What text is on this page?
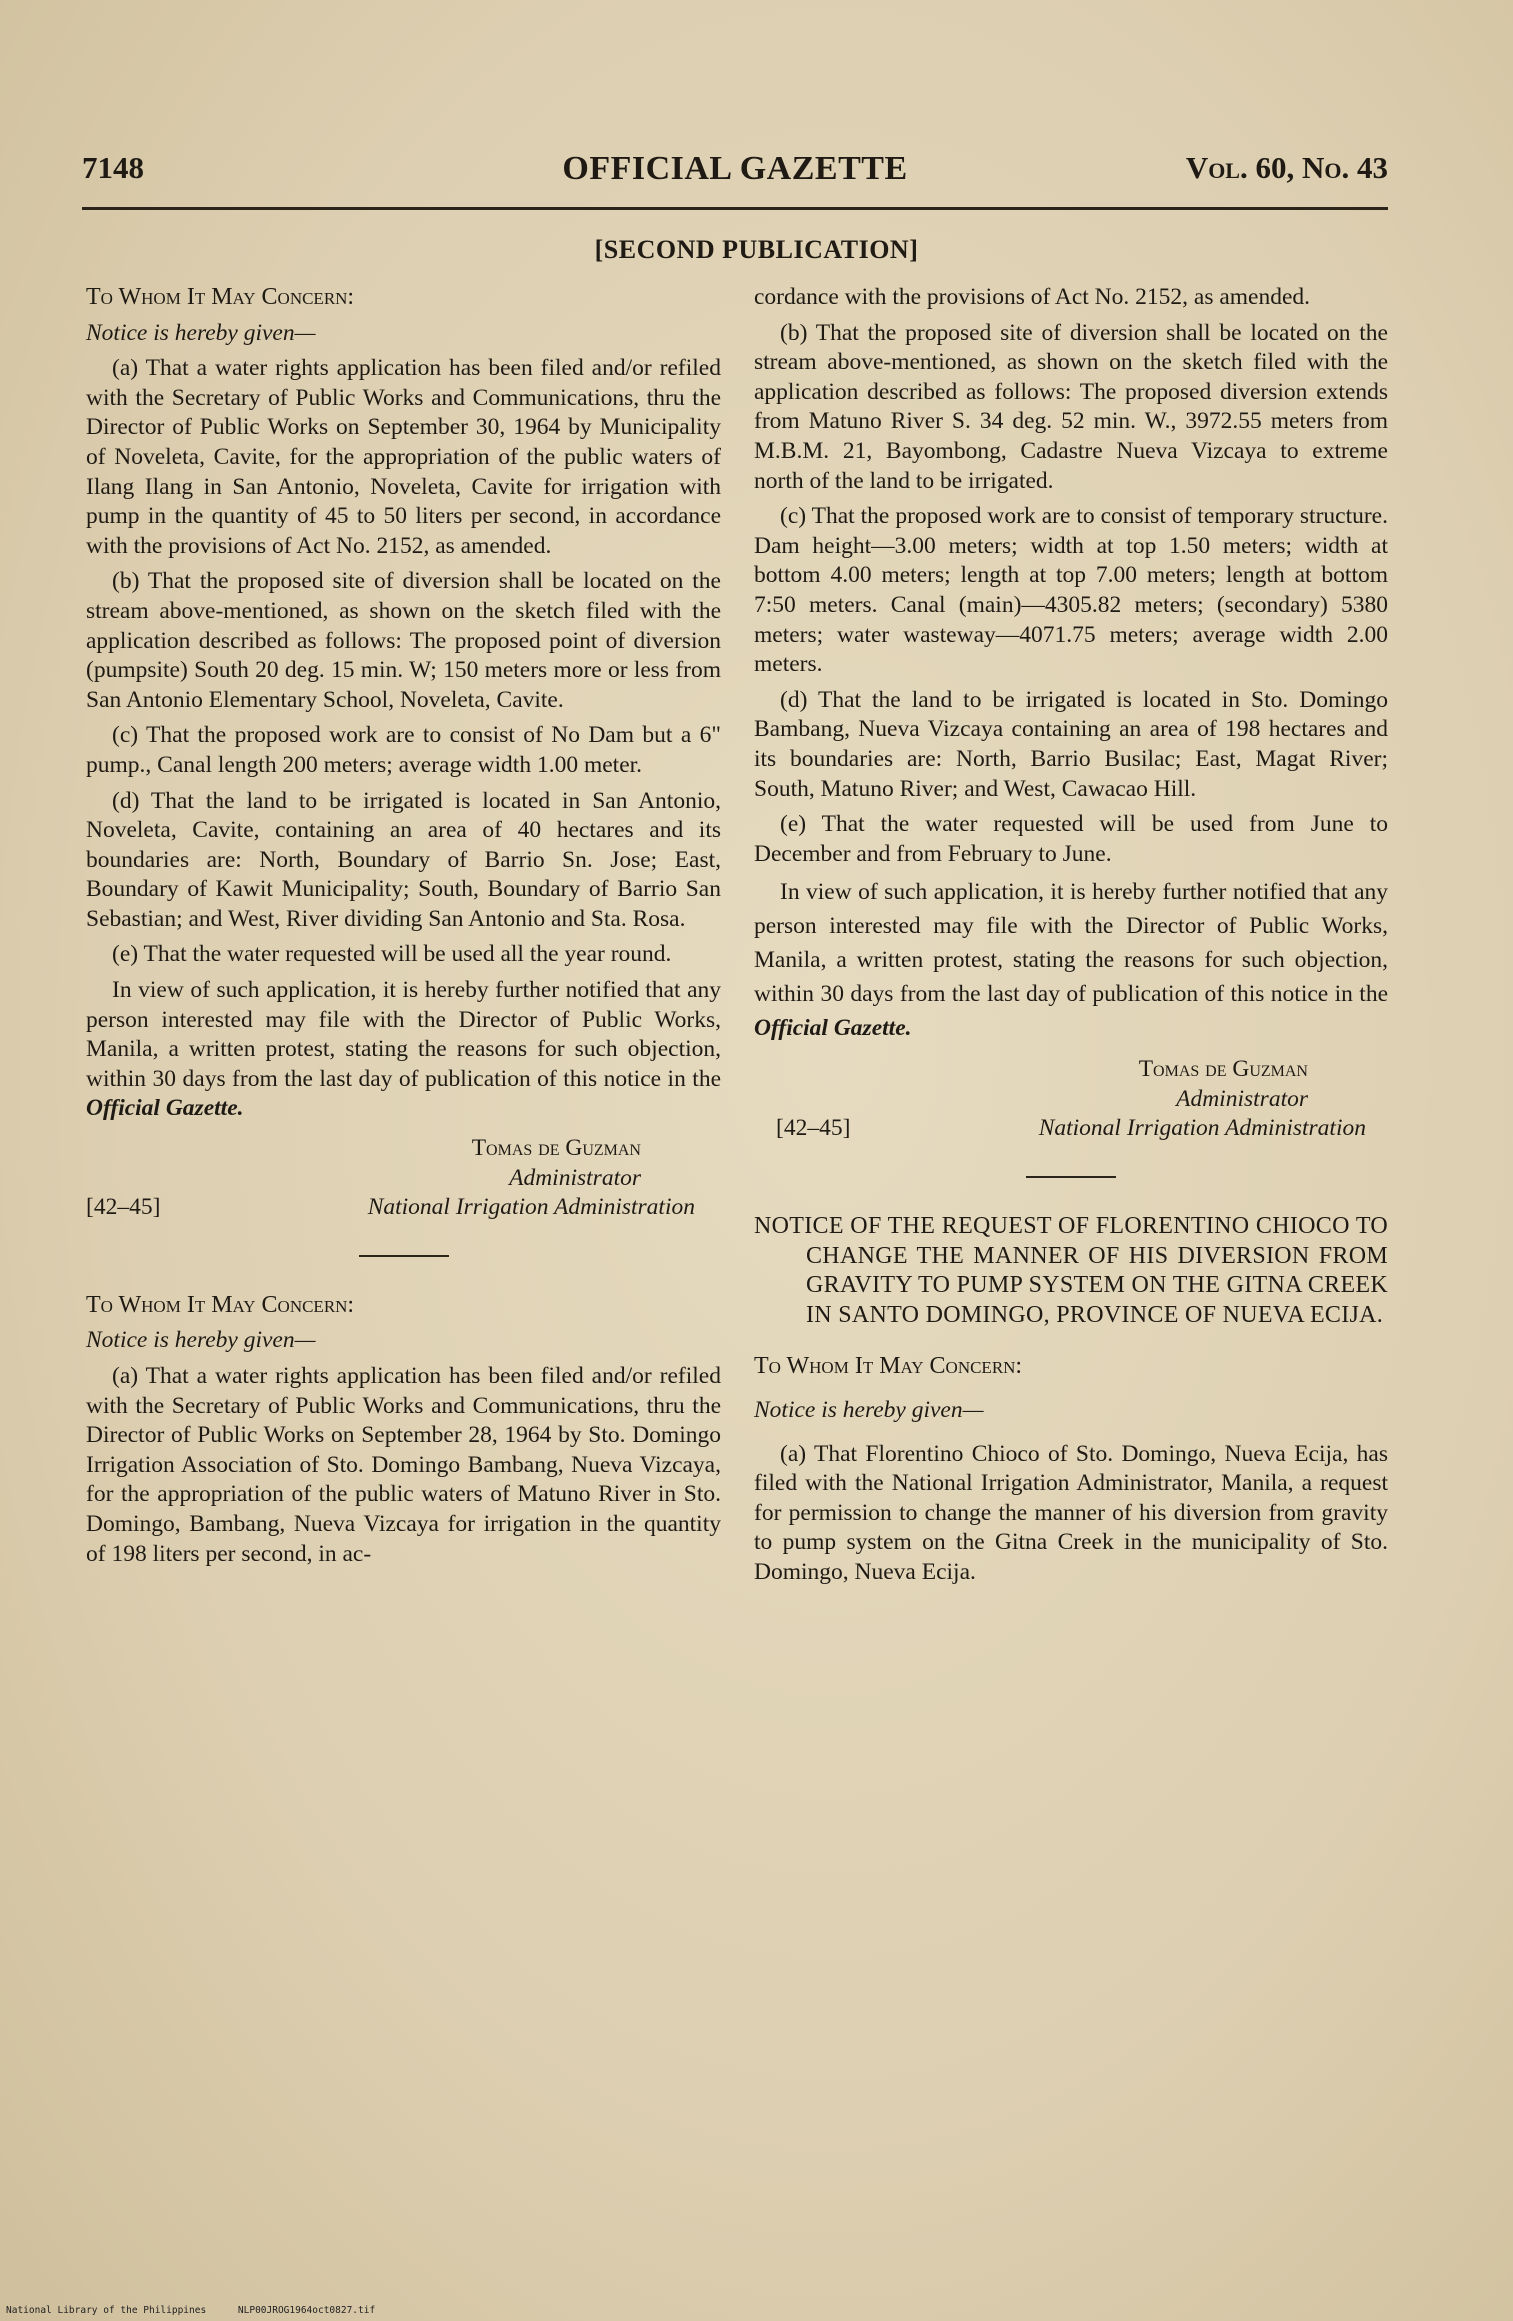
7148	OFFICIAL GAZETTE	Vol. 60, No. 43
[SECOND PUBLICATION]

To Whom It May Concern:

Notice is hereby given—

(a) That a water rights application has been filed and/or refiled with the Secretary of Public Works and Communications, thru the Director of Public Works on September 30, 1964 by Municipality of Noveleta, Cavite, for the appropriation of the public waters of Ilang Ilang in San Antonio, Noveleta, Cavite for irrigation with pump in the quantity of 45 to 50 liters per second, in accordance with the provisions of Act No. 2152, as amended.

(b) That the proposed site of diversion shall be located on the stream above-mentioned, as shown on the sketch filed with the application described as follows: The proposed point of diversion (pumpsite) South 20 deg. 15 min. W; 150 meters more or less from San Antonio Elementary School, Noveleta, Cavite.

(c) That the proposed work are to consist of No Dam but a 6" pump., Canal length 200 meters; average width 1.00 meter.

(d) That the land to be irrigated is located in San Antonio, Noveleta, Cavite, containing an area of 40 hectares and its boundaries are: North, Boundary of Barrio Sn. Jose; East, Boundary of Kawit Municipality; South, Boundary of Barrio San Sebastian; and West, River dividing San Antonio and Sta. Rosa.

(e) That the water requested will be used all the year round.

In view of such application, it is hereby further notified that any person interested may file with the Director of Public Works, Manila, a written protest, stating the reasons for such objection, within 30 days from the last day of publication of this notice in the Official Gazette.

Tomas de Guzman

Administrator

[42–45]	National Irrigation Administration

To Whom It May Concern:

Notice is hereby given—

(a) That a water rights application has been filed and/or refiled with the Secretary of Public Works and Communications, thru the Director of Public Works on September 28, 1964 by Sto. Domingo Irrigation Association of Sto. Domingo Bambang, Nueva Vizcaya, for the appropriation of the public waters of Matuno River in Sto. Domingo, Bambang, Nueva Vizcaya for irrigation in the quantity of 198 liters per second, in ac-

cordance with the provisions of Act No. 2152, as amended.

(b) That the proposed site of diversion shall be located on the stream above-mentioned, as shown on the sketch filed with the application described as follows: The proposed diversion extends from Matuno River S. 34 deg. 52 min. W., 3972.55 meters from M.B.M. 21, Bayombong, Cadastre Nueva Vizcaya to extreme north of the land to be irrigated.

(c) That the proposed work are to consist of temporary structure. Dam height—3.00 meters; width at top 1.50 meters; width at bottom 4.00 meters; length at top 7.00 meters; length at bottom 7:50 meters. Canal (main)—4305.82 meters; (secondary) 5380 meters; water wasteway—4071.75 meters; average width 2.00 meters.

(d) That the land to be irrigated is located in Sto. Domingo Bambang, Nueva Vizcaya containing an area of 198 hectares and its boundaries are: North, Barrio Busilac; East, Magat River; South, Matuno River; and West, Cawacao Hill.

(e) That the water requested will be used from June to December and from February to June.

In view of such application, it is hereby further notified that any person interested may file with the Director of Public Works, Manila, a written protest, stating the reasons for such objection, within 30 days from the last day of publication of this notice in the Official Gazette.

Tomas de Guzman

Administrator

[42–45]	National Irrigation Administration

NOTICE OF THE REQUEST OF FLORENTINO CHIOCO TO CHANGE THE MANNER OF HIS DIVERSION FROM GRAVITY TO PUMP SYSTEM ON THE GITNA CREEK IN SANTO DOMINGO, PROVINCE OF NUEVA ECIJA.

To Whom It May Concern:

Notice is hereby given—

(a) That Florentino Chioco of Sto. Domingo, Nueva Ecija, has filed with the National Irrigation Administrator, Manila, a request for permission to change the manner of his diversion from gravity to pump system on the Gitna Creek in the municipality of Sto. Domingo, Nueva Ecija.

National Library of the Philippines	NLP00JROG1964oct0827.tif
